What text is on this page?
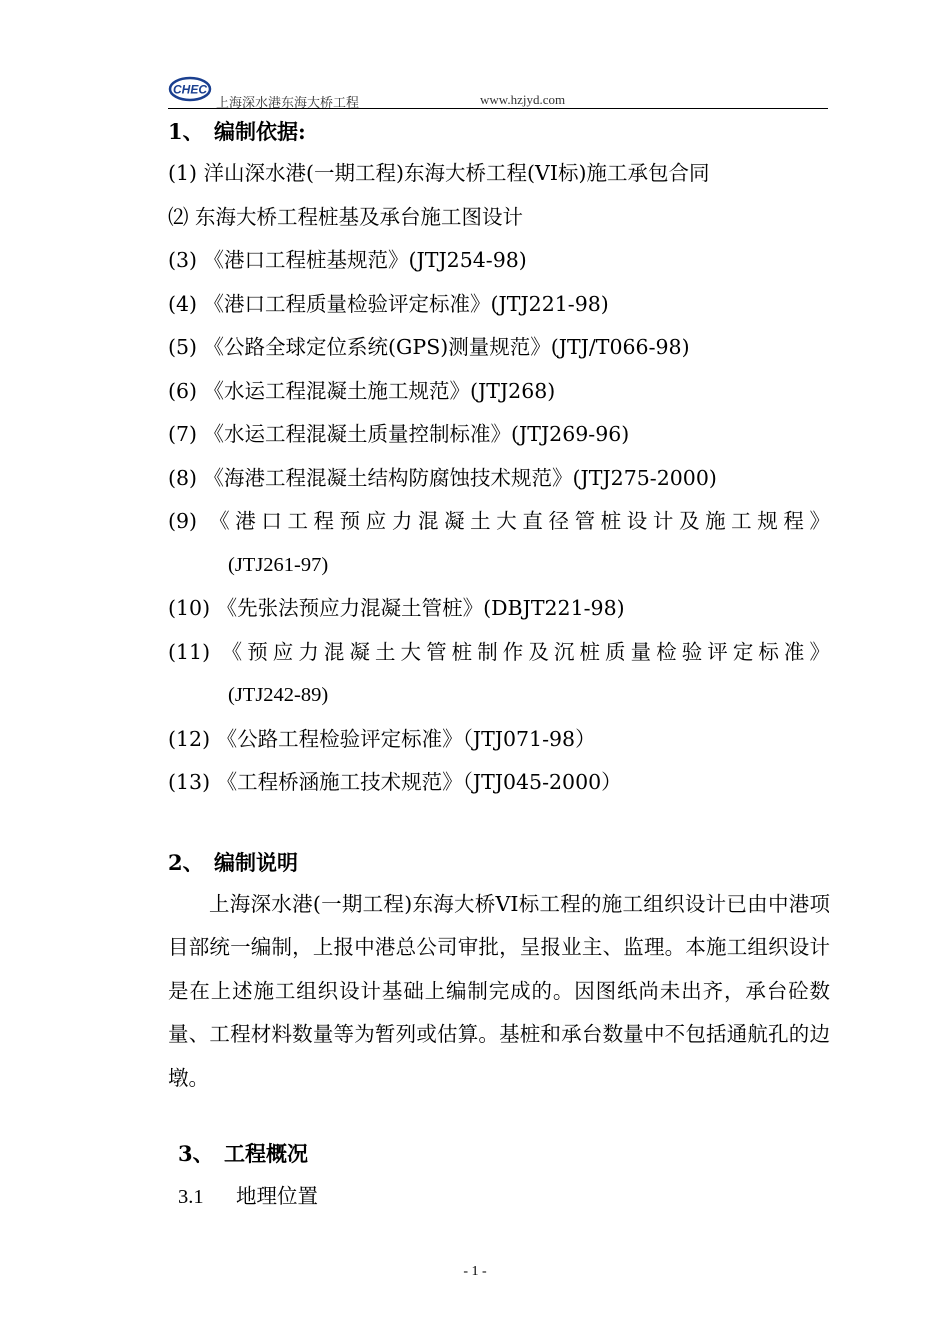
CHEC
上海深水港东海大桥工程	www.hzjyd.com
1、 编制依据:
(1) 洋山深水港(一期工程)东海大桥工程(VI标)施工承包合同
⑵ 东海大桥工程桩基及承台施工图设计
(3) 《港口工程桩基规范》(JTJ254-98)
(4) 《港口工程质量检验评定标准》(JTJ221-98)
(5) 《公路全球定位系统(GPS)测量规范》(JTJ/T066-98)
(6) 《水运工程混凝土施工规范》(JTJ268)
(7) 《水运工程混凝土质量控制标准》(JTJ269-96)
(8) 《海港工程混凝土结构防腐蚀技术规范》(JTJ275-2000)
(9) 《港口工程预应力混凝土大直径管桩设计及施工规程》
(JTJ261-97)
(10) 《先张法预应力混凝土管桩》(DBJT221-98)
(11) 《预应力混凝土大管桩制作及沉桩质量检验评定标准》
(JTJ242-89)
(12) 《公路工程检验评定标准》（JTJ071-98）
(13) 《工程桥涵施工技术规范》（JTJ045-2000）
2、 编制说明

上海深水港(一期工程)东海大桥VI标工程的施工组织设计已由中港项目部统一编制，上报中港总公司审批，呈报业主、监理。本施工组织设计是在上述施工组织设计基础上编制完成的。因图纸尚未出齐，承台砼数量、工程材料数量等为暂列或估算。基桩和承台数量中不包括通航孔的边墩。

3、 工程概况
3.1 地理位置
- 1 -
